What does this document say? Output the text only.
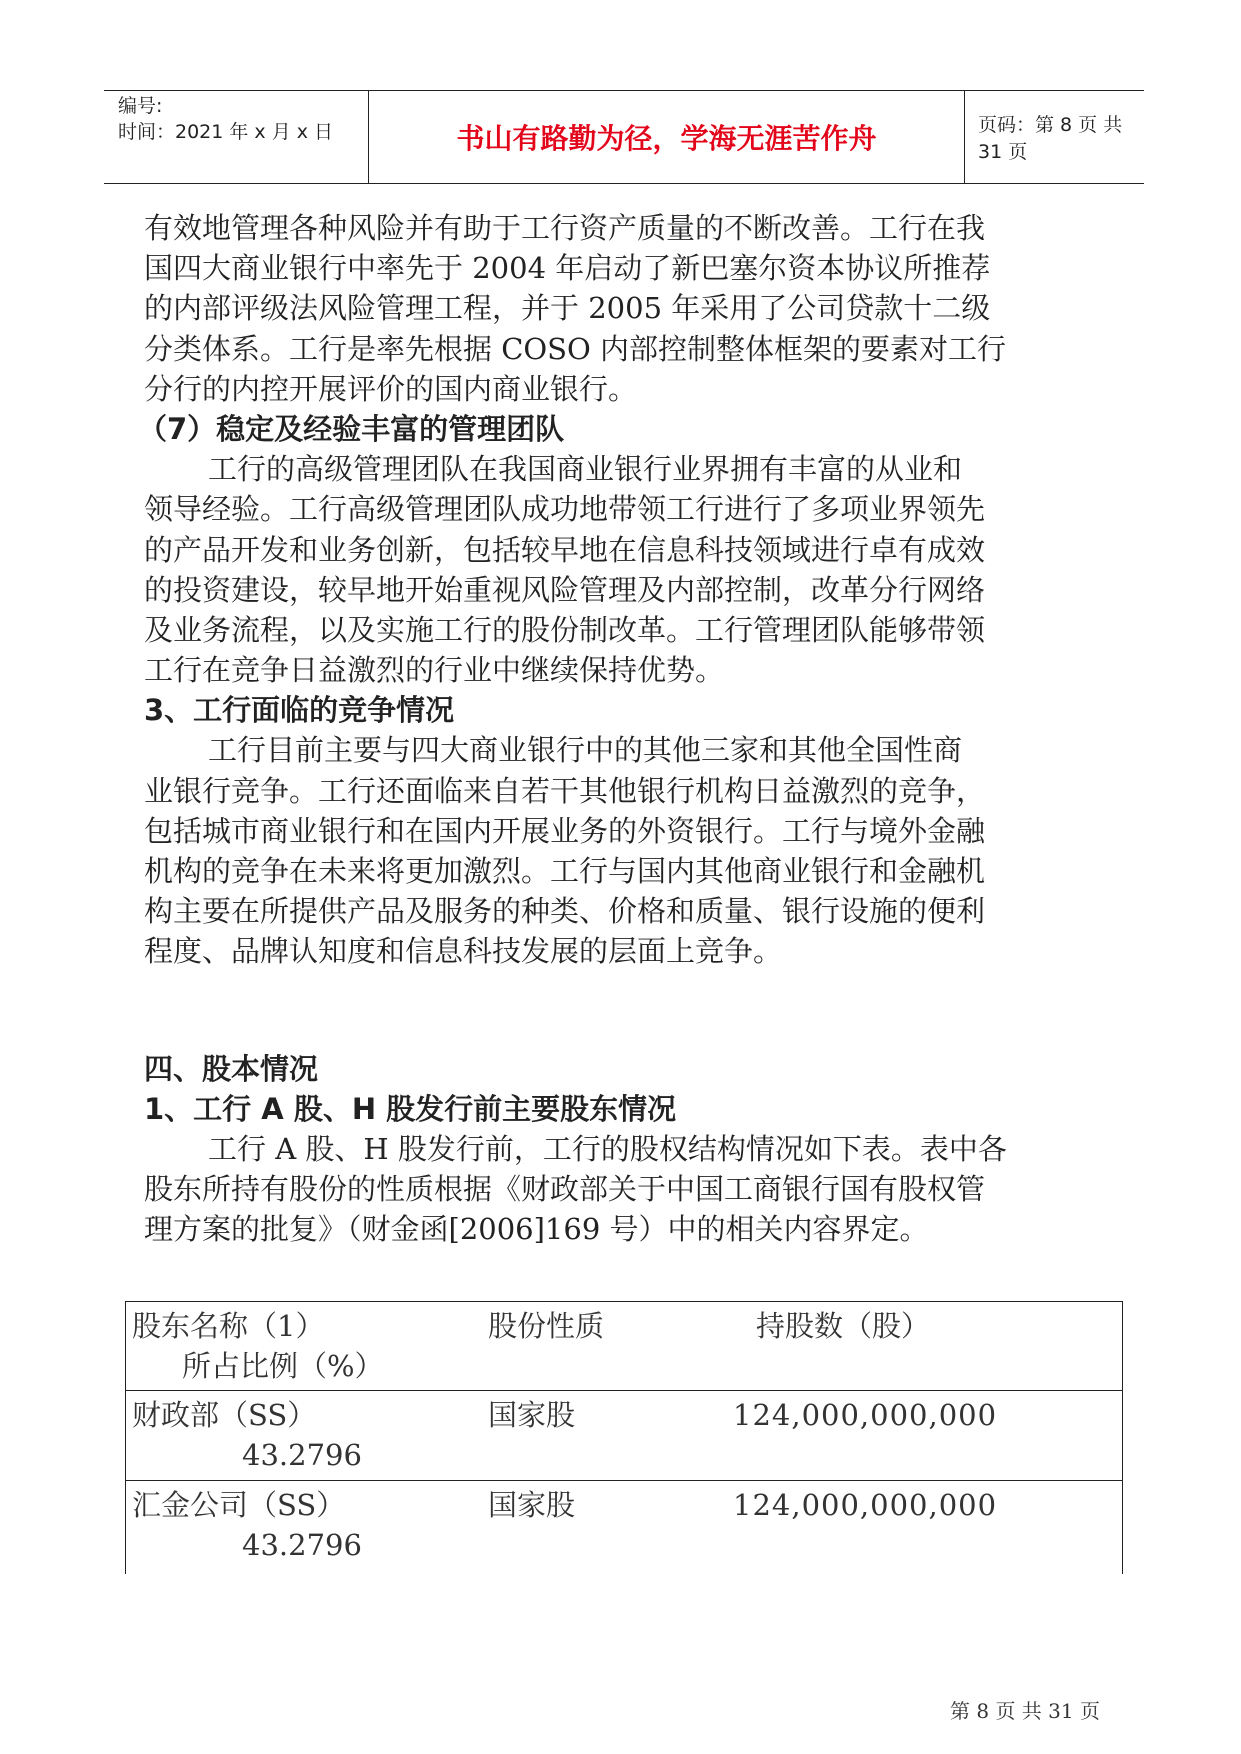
编号:
时间：2021 年 x 月 x 日	书山有路勤为径，学海无涯苦作舟	页码：第 8 页 共 31 页
有效地管理各种风险并有助于工行资产质量的不断改善。工行在我
国四大商业银行中率先于 2004 年启动了新巴塞尔资本协议所推荐
的内部评级法风险管理工程，并于 2005 年采用了公司贷款十二级
分类体系。工行是率先根据 COSO 内部控制整体框架的要素对工行
分行的内控开展评价的国内商业银行。
（7）稳定及经验丰富的管理团队
工行的高级管理团队在我国商业银行业界拥有丰富的从业和
领导经验。工行高级管理团队成功地带领工行进行了多项业界领先
的产品开发和业务创新，包括较早地在信息科技领域进行卓有成效
的投资建设，较早地开始重视风险管理及内部控制，改革分行网络
及业务流程，以及实施工行的股份制改革。工行管理团队能够带领
工行在竞争日益激烈的行业中继续保持优势。
3、工行面临的竞争情况
工行目前主要与四大商业银行中的其他三家和其他全国性商
业银行竞争。工行还面临来自若干其他银行机构日益激烈的竞争，
包括城市商业银行和在国内开展业务的外资银行。工行与境外金融
机构的竞争在未来将更加激烈。工行与国内其他商业银行和金融机
构主要在所提供产品及服务的种类、价格和质量、银行设施的便利
程度、品牌认知度和信息科技发展的层面上竞争。
四、股本情况
1、工行 A 股、H 股发行前主要股东情况
工行 A 股、H 股发行前，工行的股权结构情况如下表。表中各
股东所持有股份的性质根据《财政部关于中国工商银行国有股权管
理方案的批复》（财金函[2006]169 号）中的相关内容界定。
股东名称（1）	股份性质	持股数（股）
所占比例（%）
财政部（SS）	国家股	124,000,000,000
43.2796
汇金公司（SS）	国家股	124,000,000,000
43.2796
第 8 页 共 31 页
